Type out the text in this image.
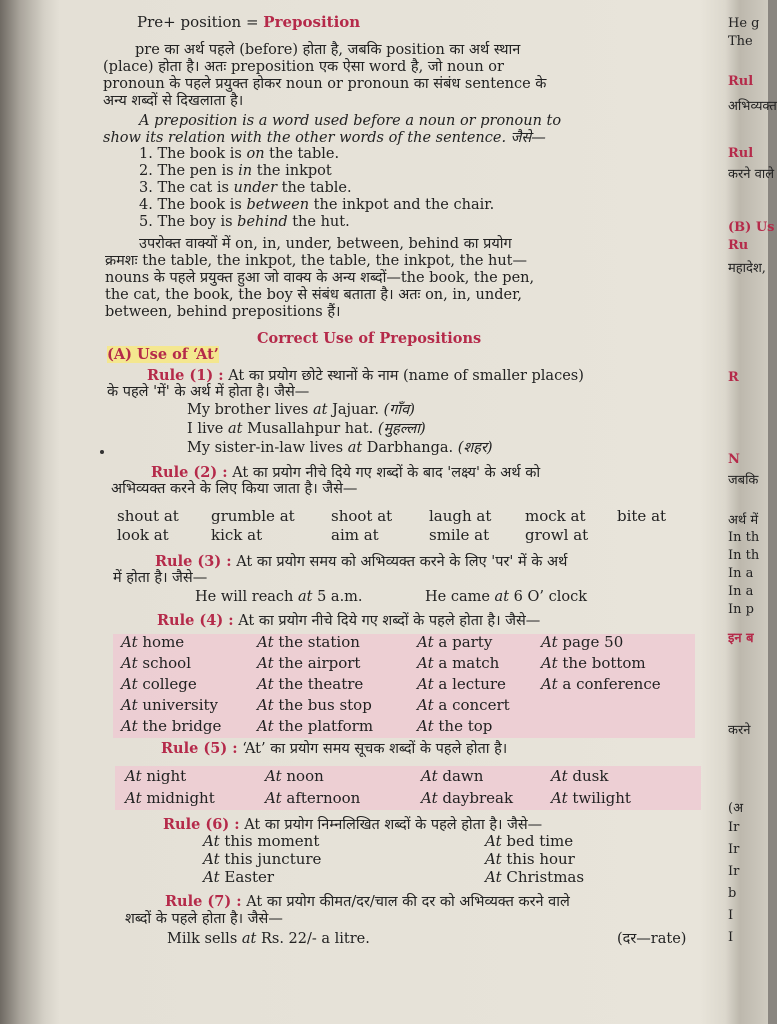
Pre+ position = Preposition
pre का अर्थ पहले (before) होता है, जबकि position का अर्थ स्थान
(place) होता है। अतः preposition एक ऐसा word है, जो noun or
pronoun के पहले प्रयुक्त होकर noun or pronoun का संबंध sentence के
अन्य शब्दों से दिखलाता है।
A preposition is a word used before a noun or pronoun to
show its relation with the other words of the sentence. जैसे—
1. The book is on the table.
2. The pen is in the inkpot
3. The cat is under the table.
4. The book is between the inkpot and the chair.
5. The boy is behind the hut.
उपरोक्त वाक्यों में on, in, under, between, behind का प्रयोग
क्रमशः the table, the inkpot, the table, the inkpot, the hut—
nouns के पहले प्रयुक्त हुआ जो वाक्य के अन्य शब्दों—the book, the pen,
the cat, the book, the boy से संबंध बताता है। अतः on, in, under,
between, behind prepositions हैं।
Correct Use of Prepositions
(A) Use of ‘At’
Rule (1) : At का प्रयोग छोटे स्थानों के नाम (name of smaller places)
के पहले 'में' के अर्थ में होता है। जैसे—
My brother lives at Jajuar. (गाँव)
I live at Musallahpur hat. (मुहल्ला)
My sister-in-law lives at Darbhanga. (शहर)
Rule (2) : At का प्रयोग नीचे दिये गए शब्दों के बाद 'लक्ष्य' के अर्थ को
अभिव्यक्त करने के लिए किया जाता है। जैसे—
shout at grumble at shoot at laugh at mock at bite at
look at	kick at	aim at	smile at growl at
Rule (3) : At का प्रयोग समय को अभिव्यक्त करने के लिए 'पर' में के अर्थ
में होता है। जैसे—
He will reach at 5 a.m.	He came at 6 O’ clock
Rule (4) : At का प्रयोग नीचे दिये गए शब्दों के पहले होता है। जैसे—
At home	At the station	At a party	At page 50
At school	At the airport	At a match	At the bottom
At college	At the theatre	At a lecture	At a conference
At university	At the bus stop	At a concert
At the bridge	At the platform	At the top
Rule (5) : ‘At’ का प्रयोग समय सूचक शब्दों के पहले होता है।
At night	At noon	At dawn	At dusk
At midnight	At afternoon	At daybreak	At twilight
Rule (6) : At का प्रयोग निम्नलिखित शब्दों के पहले होता है। जैसे—
At this moment	At bed time
At this juncture	At this hour
At Easter	At Christmas
Rule (7) : At का प्रयोग कीमत/दर/चाल की दर को अभिव्यक्त करने वाले
शब्दों के पहले होता है। जैसे—
Milk sells at Rs. 22/- a litre.	(दर—rate)
He g
The
Rul
अभिव्यक्त
Rul
करने वाले
(B) Us
Ru
महादेश,
R
N
जबकि
अर्थ में
In th
In th
In a
In a
In p
इन ब
करने
(अ
Ir
Ir
Ir
b
I
I
